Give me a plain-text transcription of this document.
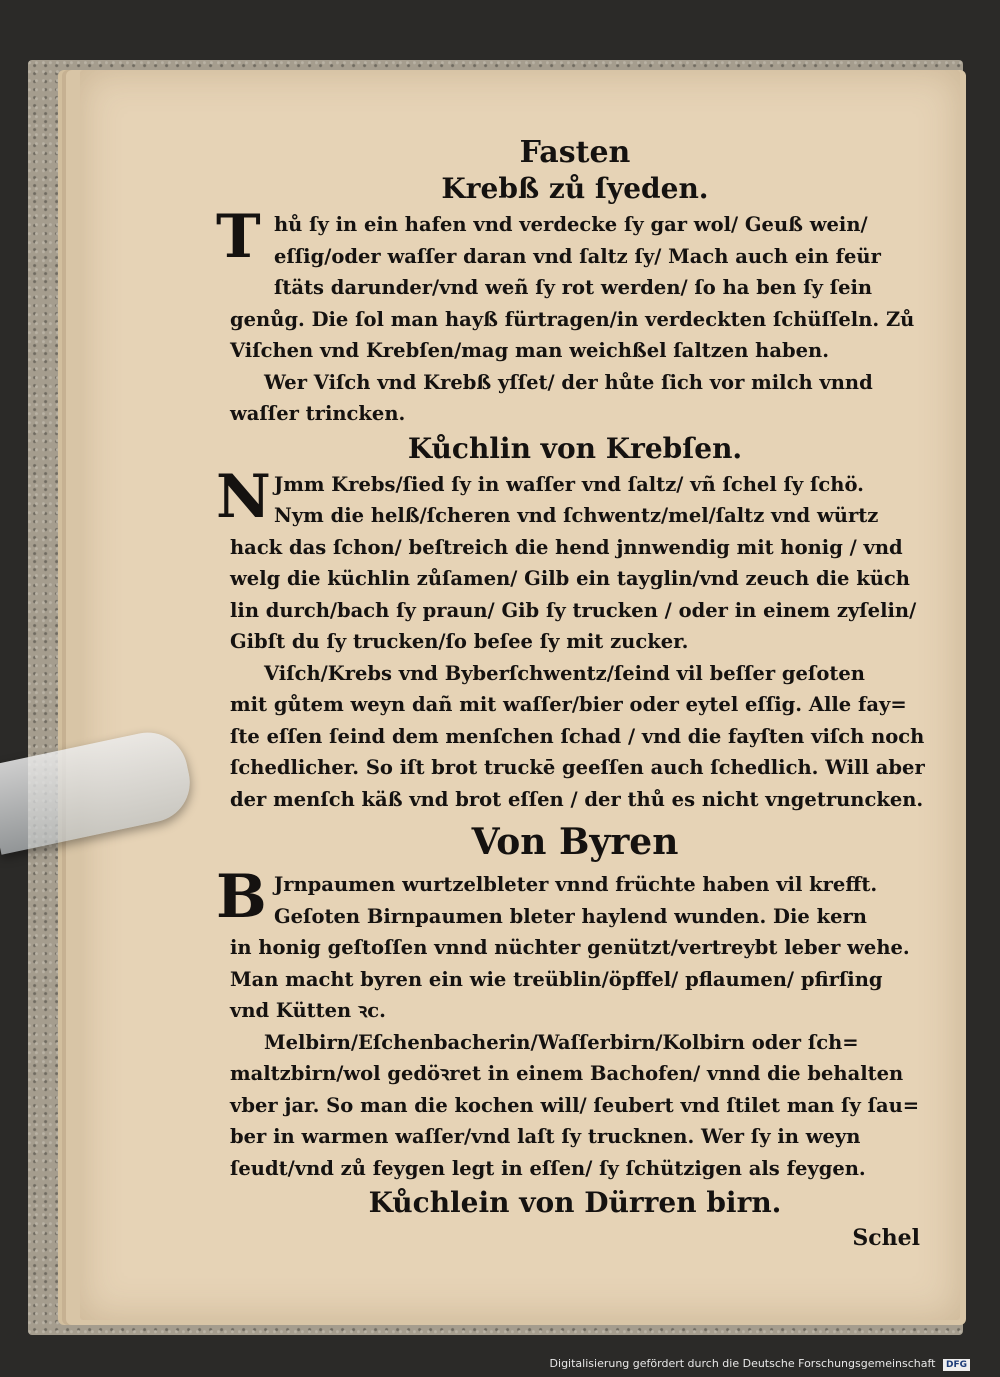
Fasten
Krebß zů ſyeden.
T hů ſy in ein hafen vnd verdecke ſy gar wol/ Geuß wein/
eſſig/oder waſſer daran vnd ſaltz ſy/ Mach auch ein feür
ſtäts darunder/vnd weñ ſy rot werden/ ſo ha ben ſy ſein
genůg. Die ſol man hayß fürtragen/in verdeckten ſchüſſeln. Zů
Viſchen vnd Krebſen/mag man weichßel ſaltzen haben.
Wer Viſch vnd Krebß yſſet/ der hůte ſich vor milch vnnd
waſſer trincken.
Kůchlin von Krebſen.
N Jmm Krebs/ſied ſy in waſſer vnd ſaltz/ vñ ſchel ſy ſchö.
Nym die helß/ſcheren vnd ſchwentz/mel/ſaltz vnd würtz
hack das ſchon/ beſtreich die hend jnnwendig mit honig / vnd
welg die küchlin zůſamen/ Gilb ein tayglin/vnd zeuch die küch
lin durch/bach ſy praun/ Gib ſy trucken / oder in einem zyſelin/
Gibſt du ſy trucken/ſo beſee ſy mit zucker.
Viſch/Krebs vnd Byberſchwentz/ſeind vil beſſer geſoten
mit gůtem weyn dañ mit waſſer/bier oder eytel eſſig. Alle fay=
ſte eſſen ſeind dem menſchen ſchad / vnd die fayſten viſch noch
ſchedlicher. So iſt brot truckē geeſſen auch ſchedlich. Will aber
der menſch käß vnd brot eſſen / der thů es nicht vngetruncken.
Von Byren
B Jrnpaumen wurtzelbleter vnnd früchte haben vil krefft.
Geſoten Birnpaumen bleter haylend wunden. Die kern
in honig geſtoſſen vnnd nüchter genützt/vertreybt leber wehe.
Man macht byren ein wie treüblin/öpffel/ pflaumen/ pfirſing
vnd Kütten ꝛc.
Melbirn/Eſchenbacherin/Waſſerbirn/Kolbirn oder ſch=
maltzbirn/wol gedöꝛret in einem Bachofen/ vnnd die behalten
vber jar. So man die kochen will/ ſeubert vnd ſtilet man ſy ſau=
ber in warmen waſſer/vnd laſt ſy trucknen. Wer ſy in weyn
ſeudt/vnd zů feygen legt in eſſen/ ſy ſchützigen als feygen.
Kůchlein von Dürren birn.
Schel
Digitalisierung gefördert durch die Deutsche Forschungsgemeinschaft DFG
